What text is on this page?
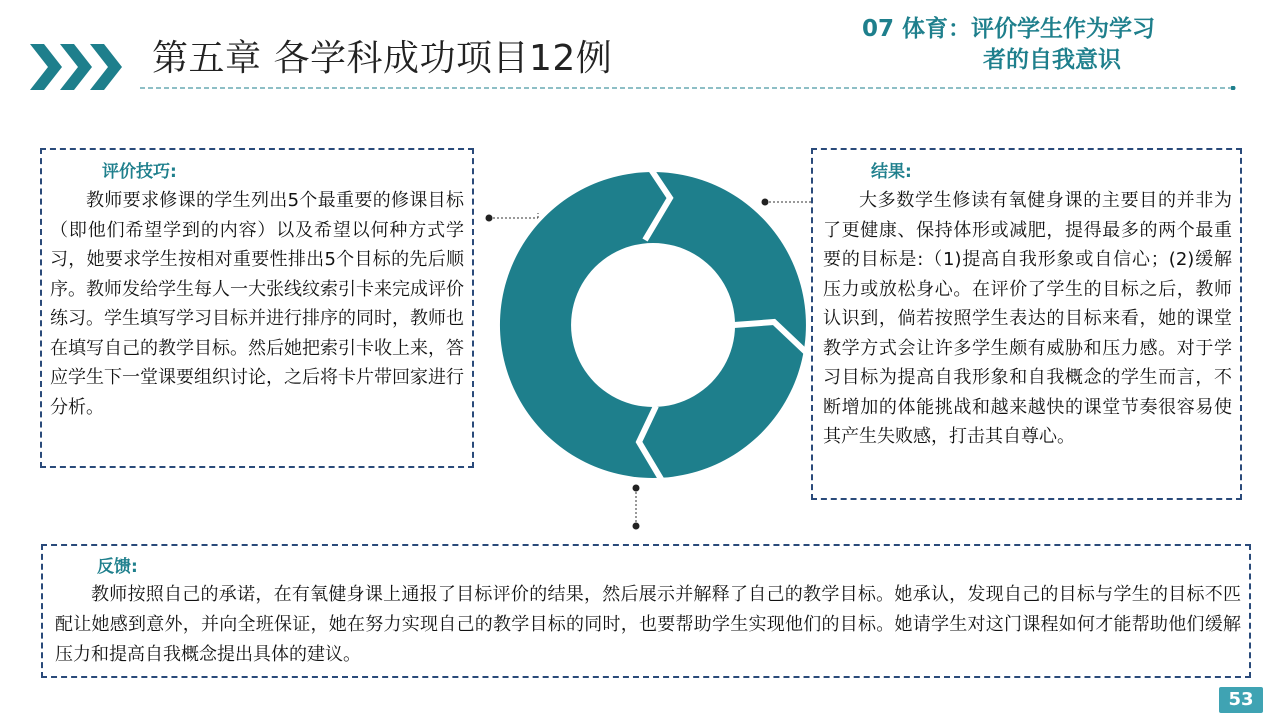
第五章 各学科成功项目12例
07 体育：评价学生作为学习
者的自我意识
评价技巧:
教师要求修课的学生列出5个最重要的修课目标（即他们希望学到的内容）以及希望以何种方式学习，她要求学生按相对重要性排出5个目标的先后顺序。教师发给学生每人一大张线纹索引卡来完成评价练习。学生填写学习目标并进行排序的同时，教师也在填写自己的教学目标。然后她把索引卡收上来，答应学生下一堂课要组织讨论，之后将卡片带回家进行分析。
结果:
大多数学生修读有氧健身课的主要目的并非为了更健康、保持体形或减肥，提得最多的两个最重要的目标是:（1)提高自我形象或自信心；(2)缓解压力或放松身心。在评价了学生的目标之后，教师认识到，倘若按照学生表达的目标来看，她的课堂教学方式会让许多学生颇有威胁和压力感。对于学习目标为提高自我形象和自我概念的学生而言，不断增加的体能挑战和越来越快的课堂节奏很容易使其产生失败感，打击其自尊心。
反馈:
教师按照自己的承诺，在有氧健身课上通报了目标评价的结果，然后展示并解释了自己的教学目标。她承认，发现自己的目标与学生的目标不匹配让她感到意外，并向全班保证，她在努力实现自己的教学目标的同时，也要帮助学生实现他们的目标。她请学生对这门课程如何才能帮助他们缓解压力和提高自我概念提出具体的建议。
53
